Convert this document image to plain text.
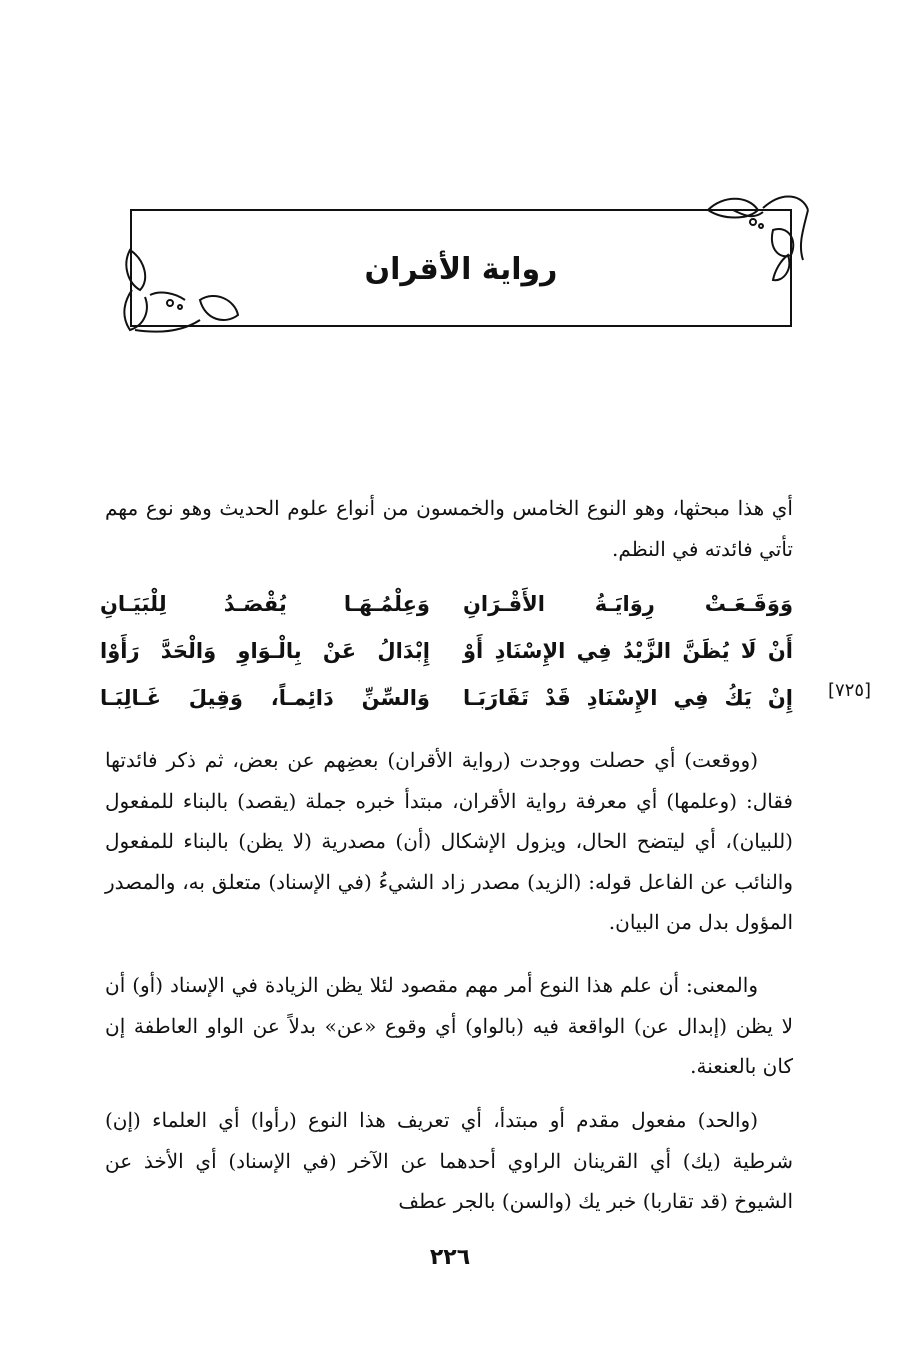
رواية الأقران
أي هذا مبحثها، وهو النوع الخامس والخمسون من أنواع علوم الحديث وهو نوع مهم تأتي فائدته في النظم.
وَوَقَـعَـتْ رِوَايَـةُ الأَقْـرَانِ
وَعِلْمُـهَـا يُقْصَـدُ لِلْبَيَـانِ
أَنْ لَا يُظَنَّ الزَّيْدُ فِي الإِسْنَادِ أَوْ
إِبْدَالُ عَنْ بِالْـوَاوِ وَالْحَدَّ رَأَوْا
إِنْ يَكُ فِي الإِسْنَادِ قَدْ تَقَارَبَـا
وَالسِّنِّ دَائِمـاً، وَقِيلَ غَـالِبَـا	[٧٢٥]

(ووقعت) أي حصلت ووجدت (رواية الأقران) بعضِهم عن بعض، ثم ذكر فائدتها فقال: (وعلمها) أي معرفة رواية الأقران، مبتدأ خبره جملة (يقصد) بالبناء للمفعول (للبيان)، أي ليتضح الحال، ويزول الإشكال (أن) مصدرية (لا يظن) بالبناء للمفعول والنائب عن الفاعل قوله: (الزيد) مصدر زاد الشيءُ (في الإسناد) متعلق به، والمصدر المؤول بدل من البيان.

والمعنى: أن علم هذا النوع أمر مهم مقصود لئلا يظن الزيادة في الإسناد (أو) أن لا يظن (إبدال عن) الواقعة فيه (بالواو) أي وقوع «عن» بدلاً عن الواو العاطفة إن كان بالعنعنة.

(والحد) مفعول مقدم أو مبتدأ، أي تعريف هذا النوع (رأوا) أي العلماء (إن) شرطية (يك) أي القرينان الراوي أحدهما عن الآخر (في الإسناد) أي الأخذ عن الشيوخ (قد تقاربا) خبر يك (والسن) بالجر عطف

٢٢٦
